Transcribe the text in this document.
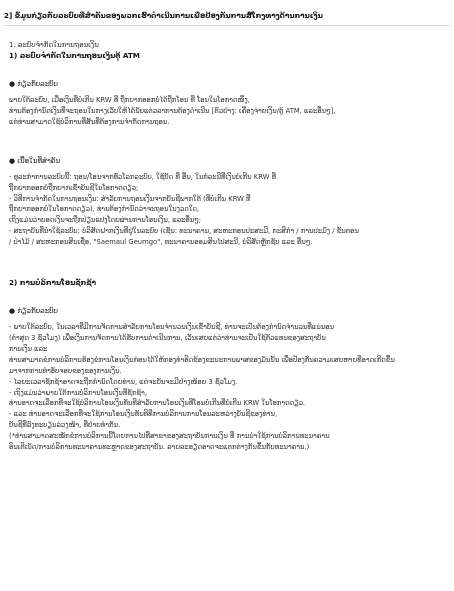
2] ຂໍ້ມູນກ່ຽວກັບລະບົບທີ່ສຳຄັນຂອງພວກເຮົາດຳເນີນການເພື່ອປ້ອງກັນການສໍ້ໂກງທາງດ້ານການເງິນ
1. ລະບົບຈຳກັດໃນການຖອນເງິນ
1) ລະບົບຈຳກັດໃນການຖອນເງິນຕູ້ ATM
● ກ່ຽວກັບລະບົບ

ພາຍໃຕ້ລະບົບ, ເມື່ອເງິນທີ່ບໍ່ເກີນ KRW ທີ່ ຖືກຍາກອອກບໍ່ໄດ້ຖືກໂອນ ທີ່ ໂອນໃນໂອກາດໜຶ່ງ,

ທ່ານຕ້ອງກຳນົດເງິນທີ່ຈະຖອນໃນກາງເວັບໃຫ້ໄດ້ນັບແຕ່ວລາການຕ້ອງດຳເນີນ [ຕົວຢ່າງ: ເຄື່ອງຈ່າຍເງິນ/ຕູ້ ATM, ແລະອື່ນໆ],

ແຕ່ທ່ານສາມາດໃຊ້ບໍລິການທີ່ສັ້ນທີ່ຕ້ອງການຈຳກັດການຖອນ.

● ເນື້ອໃນທີ່ສຳຄັນ

- ທຸລະກຳການລະບົບນີ້: ຖອນ/ໂອນຈາກທົ່ວໂລກລະບົບ, ໃຊ້ບັດ ທີ່ ອື່ນ, ໃນກໍລະນີທີ່ເງິນບໍ່ເກີນ KRW ທີ່

ຖືກຍາກອອກບໍ່ຖືກຍາກເຂົ້າບັນຊີໃນໂອກາດດຽວ;

- ວິທີການຈຳກັດໃນການຖອນເງິນ: ສຳລັບການຖອນເງິນຈາກບັນຊີພາກໃຕ້ (ທີ່ບໍ່ເກີນ KRW ທີ່

ຖືກຍາກອອກບໍ່ໃນໂອກາດດຽວ), ທ່ານຕ້ອງກຳນົດວ່າຈະຖອນໃນງວດໃດ,

ເຖິງແມ່ນວ່າຍອດເງິນຈະຖືກປ່ຽນແປງໂດຍຜ່ານການໂອນເງິນ, ແລະອື່ນໆ;

- ສະຖາບັນທີ່ນຳໃຊ້ລະບົບ: ບໍລິສັດຝາກເງິນທີ່ຢູ່ໃນລະບົບ (ເຊັ່ນ: ທະນາຄານ, ສະຫະກອນປະສະມີ, ກະສິກຳ / ການປະມົງ / ຂັ້ນຕອນ

/ ປ່າໄມ້ / ສະຫະກອນສິນເຊື່ອ, "Saemaul Geumgo", ທະນາຄານອອມສິນໄປສະນີ, ບໍລິສັດຫຼັກຊັບ ແລະ ອື່ນໆ.

2) ການບໍລິການໂອນຊັກຊ້າ
● ກ່ຽວກັບລະບົບ

- ພາຍໃຕ້ລະບົບ, ໃນເວລາທີ່ມີການຈັດການສຳລັບການໂອນຈຳນວນເງິນເຂົ້າບັນຊີ, ທ່ານຈະເປັນຕ້ອງກຳນົດຈຳນວນທີ່ແນ່ນອນ

(ຕໍ່າສຸດ 3 ຊົ່ວໂມງ) ເພື່ອເງິນການຈັດການໄດ້ຮັບການດຳເນີນການ, ເວັ້ນເສຍແຕ່ວ່າທ່ານຈະເປັນໃຊ້ຕັວແທນຂອງສະຖາບັນ

ການເງິນ ແລະ

ທ່ານສາມາດຂໍການບໍລິການຮ້ອງຂໍການໂອນເງິນກ່ອນໄດ້ໃຫ້ກອງທຳອິດຂ້ອງຂະນະການພາສຂອງມັນນັ້ນ ເພື່ອປ້ອງກັນຄວາມເສຍຫາຍທີ່ອາດເກີດຂຶ້ນ

ມາຈາກການທຳອັບຈອບຂອງຂອງການເງິນ.

- ໄລຍະເວລາຊັກຊ້າອາດຈະຖືກກຳນົດໂດຍທ່ານ, ແຕ່ຈະບັນຈະມີຢ່າງໜ້ອຍ 3 ຊົ່ວໂມງ.

- ເຖິງແມ່ນວ່າພາຍໃຕ້ການບໍລິການໂອນເງິນທີ່ຊັກຊ້າ,

ທ່ານອາດຈະເລືອກທີ່ຈະໃຊ້ບໍລິການໂອນເງິນທັນທີສຳລັບການໂອນເງິນທີ່ໂອນບໍ່ເກີນທີ່ບໍ່ເກີນ KRW ໃນໂອກາດດຽວ.

- ແລະ ທ່ານອາດຈະເລືອກທີ່ຈະໃຊ້ການໂອນເງິນທັນທີທີ່ການບໍລິການການໂອນລະຫວ່າງບັນຊີຂອງທ່ານ,

ບັນຊີທີ່ລົງທະບຽນລ່ວງໜ້າ, ທີ່ຢ່າຍທຳກັນ.

(*ທ່ານສາມາດສະໝັກຂໍການບໍລິການນີ້ໂດຍການໄປທີ່ສາຂາຂອງສະຖາບັນການເງິນ ທີ່ ການນຳໃຊ້ການບໍລິການທະນາຄານ

ອິນເຕີເນັດ/ການບໍລິການທະນາຄານທະຫຼາດຂອງສະຖາບັນ. ລາຍລະອຽດອາດຈະແຕກຕ່າງກັນຂຶ້ນກັບທະນາຄານ.)
